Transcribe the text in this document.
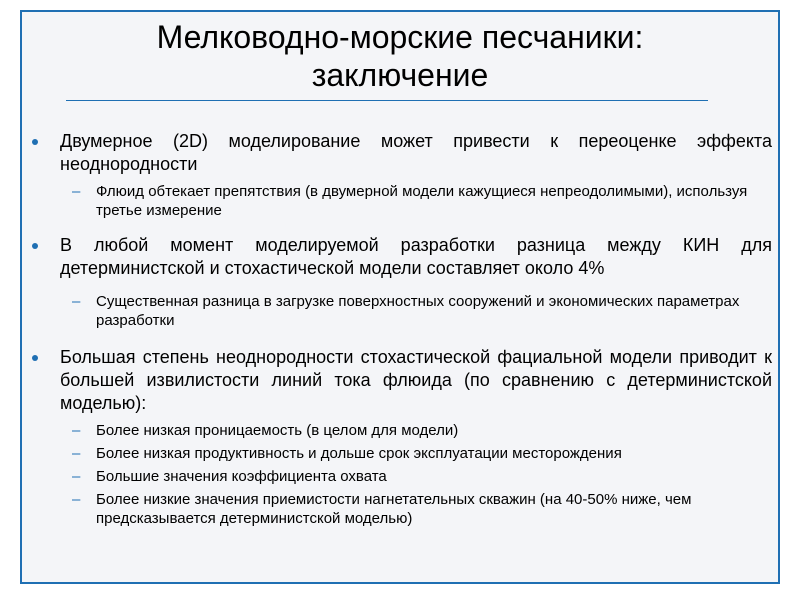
Мелководно-морские песчаники:
заключение
Двумерное (2D) моделирование может привести к переоценке эффекта неоднородности
– Флюид обтекает препятствия (в двумерной модели кажущиеся непреодолимыми), используя третье измерение
В любой момент моделируемой разработки разница между КИН для детерминистской и стохастической модели составляет около 4%
– Существенная разница в загрузке поверхностных сооружений и экономических параметрах разработки
Большая степень неоднородности стохастической фациальной модели приводит к большей извилистости линий тока флюида (по сравнению с детерминистской моделью):
– Более низкая проницаемость (в целом для модели)
– Более низкая продуктивность и дольше срок эксплуатации месторождения
– Большие значения коэффициента охвата
– Более низкие значения приемистости нагнетательных скважин (на 40-50% ниже, чем предсказывается детерминистской моделью)
